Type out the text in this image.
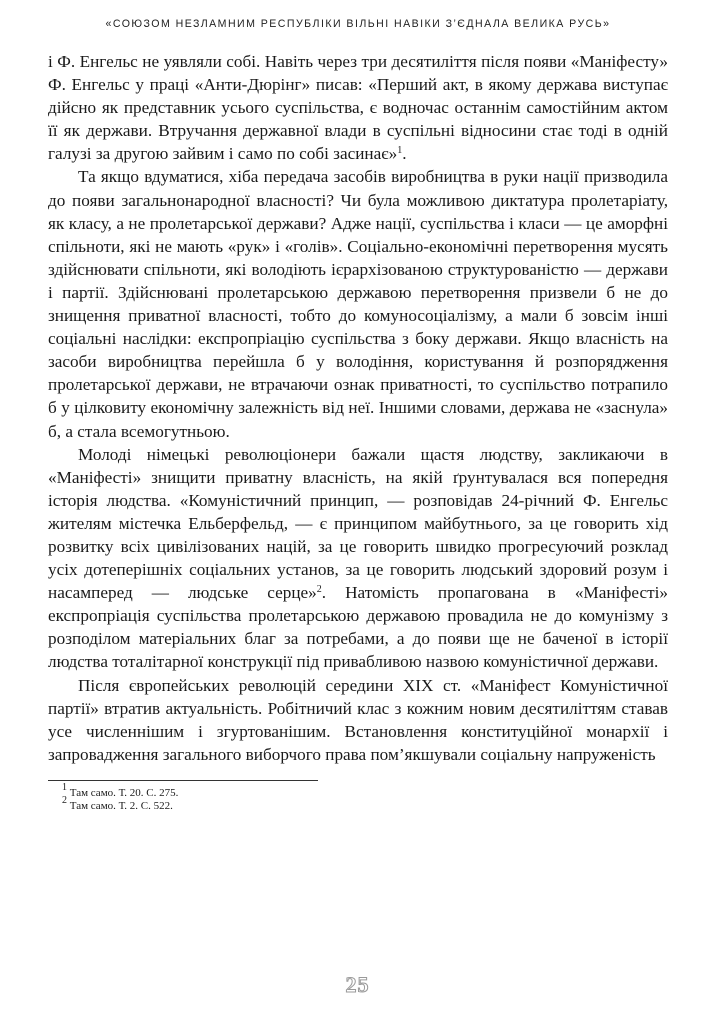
«СОЮЗОМ НЕЗЛАМНИМ РЕСПУБЛІКИ ВІЛЬНІ НАВІКИ З’ЄДНАЛА ВЕЛИКА РУСЬ»

і Ф. Енгельс не уявляли собі. Навіть через три десятиліття після появи «Маніфесту» Ф. Енгельс у праці «Анти-Дюрінг» писав: «Перший акт, в якому держава виступає дійсно як представник усього суспільства, є водночас останнім самостійним актом її як держави. Втручання державної влади в суспільні відносини стає тоді в одній галузі за другою зайвим і само по собі засинає»$^1$.

Та якщо вдуматися, хіба передача засобів виробництва в руки нації призводила до появи загальнонародної власності? Чи була можливою диктатура пролетаріату, як класу, а не пролетарської держави? Адже нації, суспільства і класи — це аморфні спільноти, які не мають «рук» і «голів». Соціально-економічні перетворення мусять здійснювати спільноти, які володіють ієрархізованою структурованістю — держави і партії. Здійснювані пролетарською державою перетворення призвели б не до знищення приватної власності, тобто до комуносоціалізму, а мали б зовсім інші соціальні наслідки: експропріацію суспільства з боку держави. Якщо власність на засоби виробництва перейшла б у володіння, користування й розпорядження пролетарської держави, не втрачаючи ознак приватності, то суспільство потрапило б у цілковиту економічну залежність від неї. Іншими словами, держава не «заснула» б, а стала всемогутньою.

Молоді німецькі революціонери бажали щастя людству, закликаючи в «Маніфесті» знищити приватну власність, на якій ґрунтувалася вся попередня історія людства. «Комуністичний принцип, — розповідав 24-річний Ф. Енгельс жителям містечка Ельберфельд, — є принципом майбутнього, за це говорить хід розвитку всіх цивілізованих націй, за це говорить швидко прогресуючий розклад усіх дотеперішніх соціальних установ, за це говорить людський здоровий розум і насамперед — людське серце»$^2$. Натомість пропагована в «Маніфесті» експропріація суспільства пролетарською державою провадила не до комунізму з розподілом матеріальних благ за потребами, а до появи ще не баченої в історії людства тоталітарної конструкції під привабливою назвою комуністичної держави.

Після європейських революцій середини XIX ст. «Маніфест Комуністичної партії» втратив актуальність. Робітничий клас з кожним новим десятиліттям ставав усе численнішим і згуртованішим. Встановлення конституційної монархії і запровадження загального виборчого права пом’якшували соціальну напруженість

$^1$ Там само. Т. 20. С. 275.
$^2$ Там само. Т. 2. С. 522.
25
